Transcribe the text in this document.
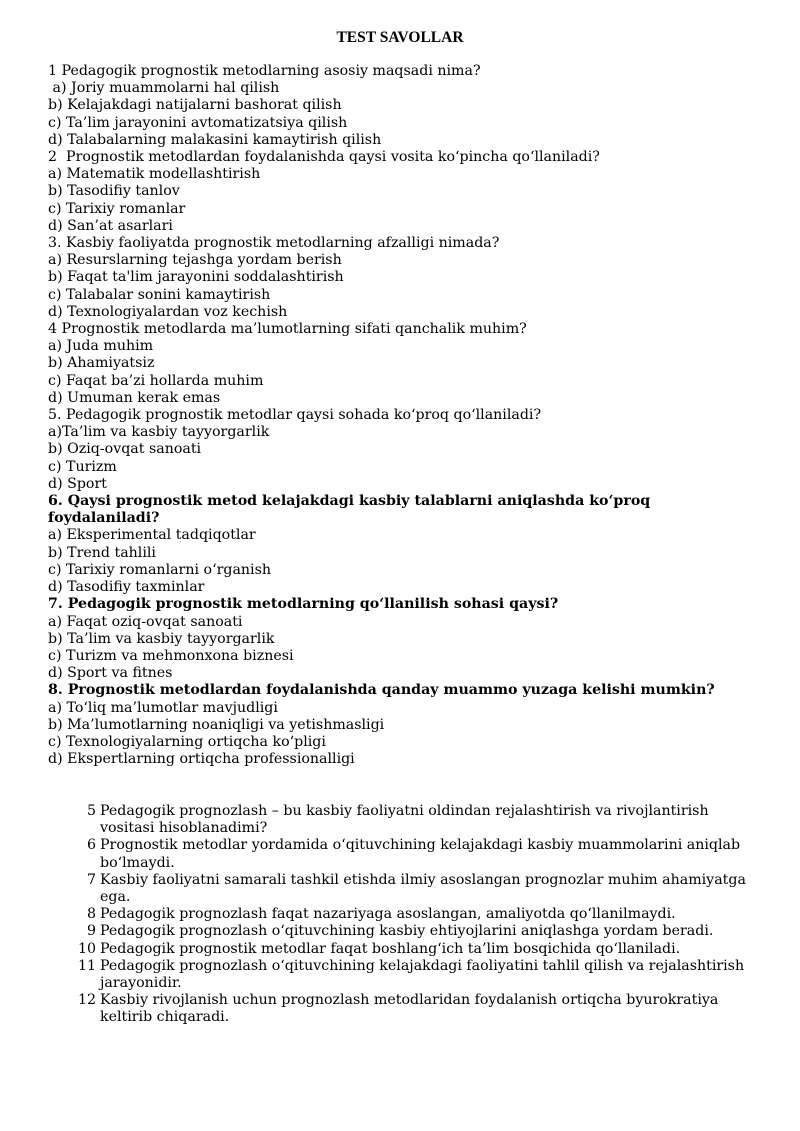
TEST SAVOLLAR
1 Pedagogik prognostik metodlarning asosiy maqsadi nima?
a) Joriy muammolarni hal qilish
b) Kelajakdagi natijalarni bashorat qilish
c) Ta’lim jarayonini avtomatizatsiya qilish
d) Talabalarning malakasini kamaytirish qilish
2  Prognostik metodlardan foydalanishda qaysi vosita ko‘pincha qo‘llaniladi?
a) Matematik modellashtirish
b) Tasodifiy tanlov
c) Tarixiy romanlar
d) San’at asarlari
3. Kasbiy faoliyatda prognostik metodlarning afzalligi nimada?
a) Resurslarning tejashga yordam berish
b) Faqat ta'lim jarayonini soddalashtirish
c) Talabalar sonini kamaytirish
d) Texnologiyalardan voz kechish
4 Prognostik metodlarda ma’lumotlarning sifati qanchalik muhim?
a) Juda muhim
b) Ahamiyatsiz
c) Faqat ba’zi hollarda muhim
d) Umuman kerak emas
5. Pedagogik prognostik metodlar qaysi sohada ko‘proq qo‘llaniladi?
a)Ta’lim va kasbiy tayyorgarlik
b) Oziq-ovqat sanoati
c) Turizm
d) Sport
6. Qaysi prognostik metod kelajakdagi kasbiy talablarni aniqlashda ko‘proq foydalaniladi?
a) Eksperimental tadqiqotlar
b) Trend tahlili
c) Tarixiy romanlarni o‘rganish
d) Tasodifiy taxminlar
7. Pedagogik prognostik metodlarning qo‘llanilish sohasi qaysi?
a) Faqat oziq-ovqat sanoati
b) Ta’lim va kasbiy tayyorgarlik
c) Turizm va mehmonxona biznesi
d) Sport va fitnes
8. Prognostik metodlardan foydalanishda qanday muammo yuzaga kelishi mumkin?
a) To‘liq ma’lumotlar mavjudligi
b) Ma’lumotlarning noaniqligi va yetishmasligi
c) Texnologiyalarning ortiqcha ko‘pligi
d) Ekspertlarning ortiqcha professionalligi
5 Pedagogik prognozlash – bu kasbiy faoliyatni oldindan rejalashtirish va rivojlantirish vositasi hisoblanadimi?
6 Prognostik metodlar yordamida o‘qituvchining kelajakdagi kasbiy muammolarini aniqlab bo‘lmaydi.
7 Kasbiy faoliyatni samarali tashkil etishda ilmiy asoslangan prognozlar muhim ahamiyatga ega.
8 Pedagogik prognozlash faqat nazariyaga asoslangan, amaliyotda qo‘llanilmaydi.
9 Pedagogik prognozlash o‘qituvchining kasbiy ehtiyojlarini aniqlashga yordam beradi.
10 Pedagogik prognostik metodlar faqat boshlang‘ich ta’lim bosqichida qo‘llaniladi.
11 Pedagogik prognozlash o‘qituvchining kelajakdagi faoliyatini tahlil qilish va rejalashtirish jarayonidir.
12 Kasbiy rivojlanish uchun prognozlash metodlaridan foydalanish ortiqcha byurokratiya keltirib chiqaradi.
